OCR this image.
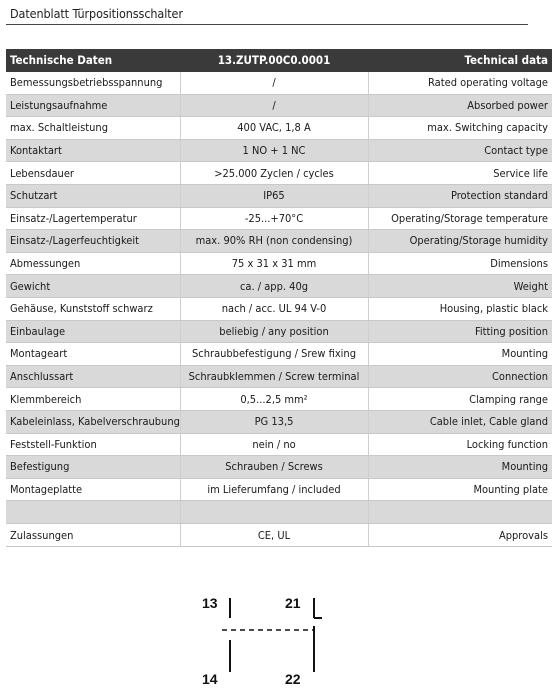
Datenblatt Türpositionsschalter
Technische Daten	13.ZUTP.00C0.0001	Technical data
Bemessungsbetriebsspannung	/	Rated operating voltage
Leistungsaufnahme	/	Absorbed power
max. Schaltleistung	400 VAC, 1,8 A	max. Switching capacity
Kontaktart	1 NO + 1 NC	Contact type
Lebensdauer	>25.000 Zyclen / cycles	Service life
Schutzart	IP65	Protection standard
Einsatz-/Lagertemperatur	-25...+70°C	Operating/Storage temperature
Einsatz-/Lagerfeuchtigkeit	max. 90% RH (non condensing)	Operating/Storage humidity
Abmessungen	75 x 31 x 31 mm	Dimensions
Gewicht	ca. / app. 40g	Weight
Gehäuse, Kunststoff schwarz	nach / acc. UL 94 V-0	Housing, plastic black
Einbaulage	beliebig / any position	Fitting position
Montageart	Schraubbefestigung / Srew fixing	Mounting
Anschlussart	Schraubklemmen / Screw terminal	Connection
Klemmbereich	0,5...2,5 mm²	Clamping range
Kabeleinlass, Kabelverschraubung	PG 13,5	Cable inlet, Cable gland
Feststell-Funktion	nein / no	Locking function
Befestigung	Schrauben / Screws	Mounting
Montageplatte	im Lieferumfang / included	Mounting plate

Zulassungen	CE, UL	Approvals
13
14
21
22
